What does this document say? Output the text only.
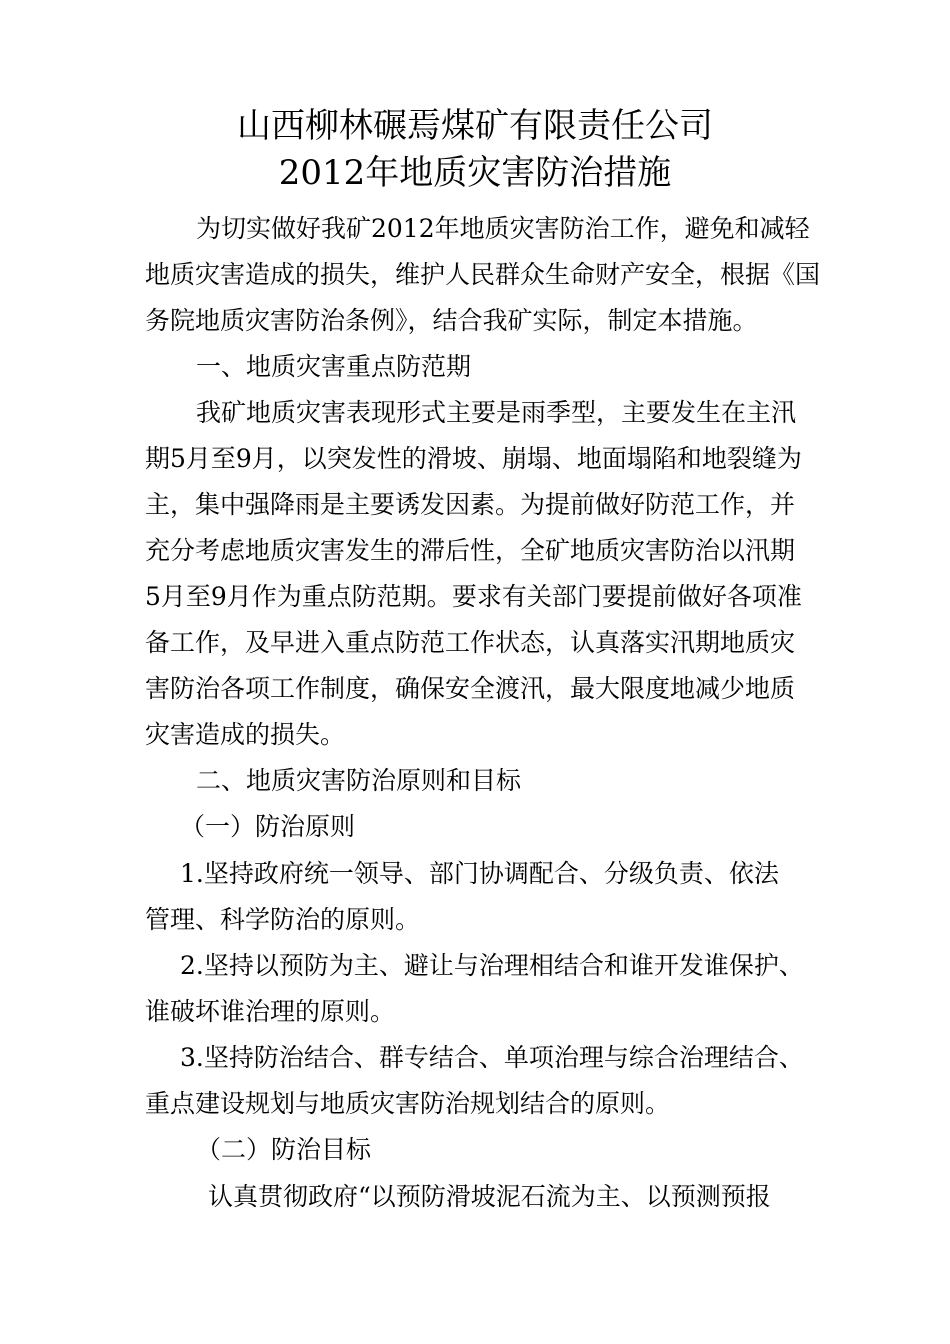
山西柳林碾焉煤矿有限责任公司
2012年地质灾害防治措施
为切实做好我矿2012年地质灾害防治工作，避免和减轻
地质灾害造成的损失，维护人民群众生命财产安全，根据《国
务院地质灾害防治条例》，结合我矿实际，制定本措施。
一、地质灾害重点防范期
我矿地质灾害表现形式主要是雨季型，主要发生在主汛
期5月至9月，以突发性的滑坡、崩塌、地面塌陷和地裂缝为
主，集中强降雨是主要诱发因素。为提前做好防范工作，并
充分考虑地质灾害发生的滞后性，全矿地质灾害防治以汛期
5月至9月作为重点防范期。要求有关部门要提前做好各项准
备工作，及早进入重点防范工作状态，认真落实汛期地质灾
害防治各项工作制度，确保安全渡汛，最大限度地减少地质
灾害造成的损失。
二、地质灾害防治原则和目标
（一）防治原则
1.坚持政府统一领导、部门协调配合、分级负责、依法
管理、科学防治的原则。
2.坚持以预防为主、避让与治理相结合和谁开发谁保护、
谁破坏谁治理的原则。
3.坚持防治结合、群专结合、单项治理与综合治理结合、
重点建设规划与地质灾害防治规划结合的原则。
（二）防治目标
认真贯彻政府“以预防滑坡泥石流为主、以预测预报
